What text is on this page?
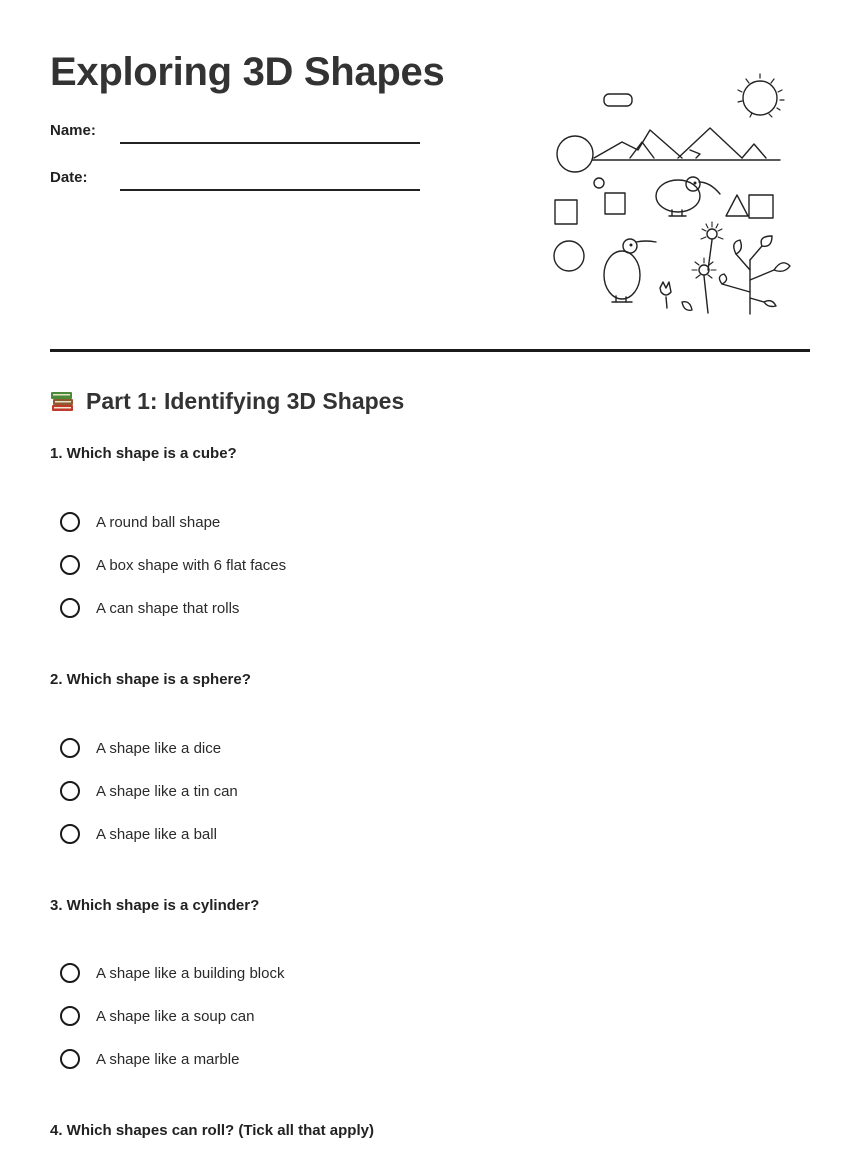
Exploring 3D Shapes
Name:
Date:
Part 1: Identifying 3D Shapes

1. Which shape is a cube?

A round ball shape
A box shape with 6 flat faces
A can shape that rolls

2. Which shape is a sphere?

A shape like a dice
A shape like a tin can
A shape like a ball

3. Which shape is a cylinder?

A shape like a building block
A shape like a soup can
A shape like a marble

4. Which shapes can roll? (Tick all that apply)
